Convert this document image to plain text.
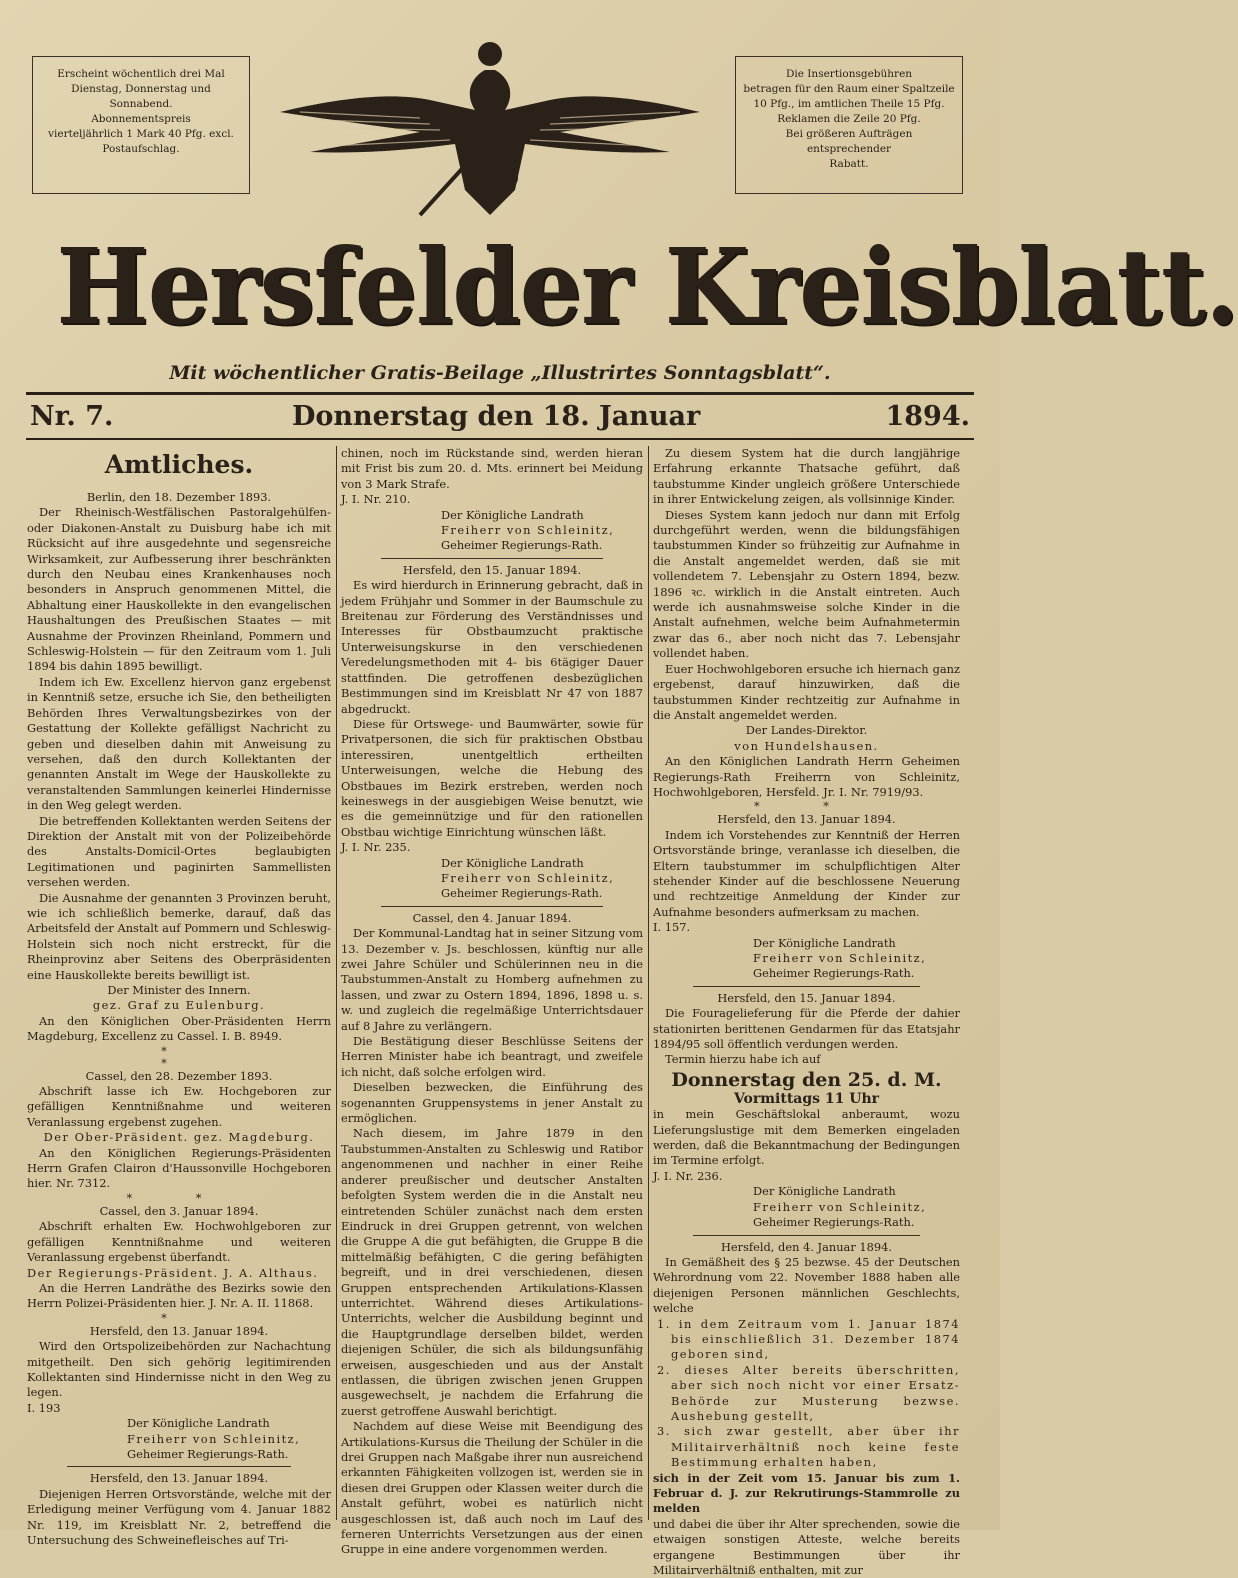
Erscheint wöchentlich drei Mal
Dienstag, Donnerstag und Sonnabend.
Abonnementspreis
vierteljährlich 1 Mark 40 Pfg. excl.
Postaufschlag.
Die Insertionsgebühren
betragen für den Raum einer Spaltzeile
10 Pfg., im amtlichen Theile 15 Pfg.
Reklamen die Zeile 20 Pfg.
Bei größeren Aufträgen entsprechender
Rabatt.
Hersfelder Kreisblatt.
Mit wöchentlicher Gratis-Beilage „Illustrirtes Sonntagsblatt“.
Nr. 7.	Donnerstag den 18. Januar	1894.
Amtliches.

Berlin, den 18. Dezember 1893.

Der Rheinisch-Westfälischen Pastoralgehülfen- oder Diakonen-Anstalt zu Duisburg habe ich mit Rücksicht auf ihre ausgedehnte und segensreiche Wirksamkeit, zur Aufbesserung ihrer beschränkten durch den Neubau eines Krankenhauses noch besonders in Anspruch genommenen Mittel, die Abhaltung einer Hauskollekte in den evangelischen Haushaltungen des Preußischen Staates — mit Ausnahme der Provinzen Rheinland, Pommern und Schleswig-Holstein — für den Zeitraum vom 1. Juli 1894 bis dahin 1895 bewilligt.

Indem ich Ew. Excellenz hiervon ganz ergebenst in Kenntniß setze, ersuche ich Sie, den betheiligten Behörden Ihres Verwaltungsbezirkes von der Gestattung der Kollekte gefälligst Nachricht zu geben und dieselben dahin mit Anweisung zu versehen, daß den durch Kollektanten der genannten Anstalt im Wege der Hauskollekte zu veranstaltenden Sammlungen keinerlei Hindernisse in den Weg gelegt werden.

Die betreffenden Kollektanten werden Seitens der Direktion der Anstalt mit von der Polizeibehörde des Anstalts-Domicil-Ortes beglaubigten Legitimationen und paginirten Sammellisten versehen werden.

Die Ausnahme der genannten 3 Provinzen beruht, wie ich schließlich bemerke, darauf, daß das Arbeitsfeld der Anstalt auf Pommern und Schleswig-Holstein sich noch nicht erstreckt, für die Rheinprovinz aber Seitens des Oberpräsidenten eine Hauskollekte bereits bewilligt ist.

Der Minister des Innern.

gez. Graf zu Eulenburg.

An den Königlichen Ober-Präsidenten Herrn Magdeburg, Excellenz zu Cassel. I. B. 8949.

*
*

Cassel, den 28. Dezember 1893.

Abschrift lasse ich Ew. Hochgeboren zur gefälligen Kenntnißnahme und weiteren Veranlassung ergebenst zugehen.

Der Ober-Präsident. gez. Magdeburg.

An den Königlichen Regierungs-Präsidenten Herrn Grafen Clairon d'Haussonville Hochgeboren hier. Nr. 7312.

* *

Cassel, den 3. Januar 1894.

Abschrift erhalten Ew. Hochwohlgeboren zur gefälligen Kenntnißnahme und weiteren Veranlassung ergebenst überfandt.

Der Regierungs-Präsident. J. A. Althaus.

An die Herren Landräthe des Bezirks sowie den Herrn Polizei-Präsidenten hier. J. Nr. A. II. 11868.

*

Hersfeld, den 13. Januar 1894.

Wird den Ortspolizeibehörden zur Nachachtung mitgetheilt. Den sich gehörig legitimirenden Kollektanten sind Hindernisse nicht in den Weg zu legen.

I. 193

Der Königliche Landrath

Freiherr von Schleinitz,

Geheimer Regierungs-Rath.

Hersfeld, den 13. Januar 1894.

Diejenigen Herren Ortsvorstände, welche mit der Erledigung meiner Verfügung vom 4. Januar 1882 Nr. 119, im Kreisblatt Nr. 2, betreffend die Untersuchung des Schweinefleisches auf Tri-

chinen, noch im Rückstande sind, werden hieran mit Frist bis zum 20. d. Mts. erinnert bei Meidung von 3 Mark Strafe.

J. I. Nr. 210.

Der Königliche Landrath

Freiherr von Schleinitz,

Geheimer Regierungs-Rath.

Hersfeld, den 15. Januar 1894.

Es wird hierdurch in Erinnerung gebracht, daß in jedem Frühjahr und Sommer in der Baumschule zu Breitenau zur Förderung des Verständnisses und Interesses für Obstbaumzucht praktische Unterweisungskurse in den verschiedenen Veredelungsmethoden mit 4- bis 6tägiger Dauer stattfinden. Die getroffenen desbezüglichen Bestimmungen sind im Kreisblatt Nr 47 von 1887 abgedruckt.

Diese für Ortswege- und Baumwärter, sowie für Privatpersonen, die sich für praktischen Obstbau interessiren, unentgeltlich ertheilten Unterweisungen, welche die Hebung des Obstbaues im Bezirk erstreben, werden noch keineswegs in der ausgiebigen Weise benutzt, wie es die gemeinnützige und für den rationellen Obstbau wichtige Einrichtung wünschen läßt.

J. I. Nr. 235.

Der Königliche Landrath

Freiherr von Schleinitz,

Geheimer Regierungs-Rath.

Cassel, den 4. Januar 1894.

Der Kommunal-Landtag hat in seiner Sitzung vom 13. Dezember v. Js. beschlossen, künftig nur alle zwei Jahre Schüler und Schülerinnen neu in die Taubstummen-Anstalt zu Homberg aufnehmen zu lassen, und zwar zu Ostern 1894, 1896, 1898 u. s. w. und zugleich die regelmäßige Unterrichtsdauer auf 8 Jahre zu verlängern.

Die Bestätigung dieser Beschlüsse Seitens der Herren Minister habe ich beantragt, und zweifele ich nicht, daß solche erfolgen wird.

Dieselben bezwecken, die Einführung des sogenannten Gruppensystems in jener Anstalt zu ermöglichen.

Nach diesem, im Jahre 1879 in den Taubstummen-Anstalten zu Schleswig und Ratibor angenommenen und nachher in einer Reihe anderer preußischer und deutscher Anstalten befolgten System werden die in die Anstalt neu eintretenden Schüler zunächst nach dem ersten Eindruck in drei Gruppen getrennt, von welchen die Gruppe A die gut befähigten, die Gruppe B die mittelmäßig befähigten, C die gering befähigten begreift, und in drei verschiedenen, diesen Gruppen entsprechenden Artikulations-Klassen unterrichtet. Während dieses Artikulations-Unterrichts, welcher die Ausbildung beginnt und die Hauptgrundlage derselben bildet, werden diejenigen Schüler, die sich als bildungsunfähig erweisen, ausgeschieden und aus der Anstalt entlassen, die übrigen zwischen jenen Gruppen ausgewechselt, je nachdem die Erfahrung die zuerst getroffene Auswahl berichtigt.

Nachdem auf diese Weise mit Beendigung des Artikulations-Kursus die Theilung der Schüler in die drei Gruppen nach Maßgabe ihrer nun ausreichend erkannten Fähigkeiten vollzogen ist, werden sie in diesen drei Gruppen oder Klassen weiter durch die Anstalt geführt, wobei es natürlich nicht ausgeschlossen ist, daß auch noch im Lauf des ferneren Unterrichts Versetzungen aus der einen Gruppe in eine andere vorgenommen werden.

Zu diesem System hat die durch langjährige Erfahrung erkannte Thatsache geführt, daß taubstumme Kinder ungleich größere Unterschiede in ihrer Entwickelung zeigen, als vollsinnige Kinder.

Dieses System kann jedoch nur dann mit Erfolg durchgeführt werden, wenn die bildungsfähigen taubstummen Kinder so frühzeitig zur Aufnahme in die Anstalt angemeldet werden, daß sie mit vollendetem 7. Lebensjahr zu Ostern 1894, bezw. 1896 ꝛc. wirklich in die Anstalt eintreten. Auch werde ich ausnahmsweise solche Kinder in die Anstalt aufnehmen, welche beim Aufnahmetermin zwar das 6., aber noch nicht das 7. Lebensjahr vollendet haben.

Euer Hochwohlgeboren ersuche ich hiernach ganz ergebenst, darauf hinzuwirken, daß die taubstummen Kinder rechtzeitig zur Aufnahme in die Anstalt angemeldet werden.

Der Landes-Direktor.

von Hundelshausen.

An den Königlichen Landrath Herrn Geheimen Regierungs-Rath Freiherrn von Schleinitz, Hochwohlgeboren, Hersfeld. Jr. I. Nr. 7919/93.

* *

Hersfeld, den 13. Januar 1894.

Indem ich Vorstehendes zur Kenntniß der Herren Ortsvorstände bringe, veranlasse ich dieselben, die Eltern taubstummer im schulpflichtigen Alter stehender Kinder auf die beschlossene Neuerung und rechtzeitige Anmeldung der Kinder zur Aufnahme besonders aufmerksam zu machen.

I. 157.

Der Königliche Landrath

Freiherr von Schleinitz,

Geheimer Regierungs-Rath.

Hersfeld, den 15. Januar 1894.

Die Fouragelieferung für die Pferde der dahier stationirten berittenen Gendarmen für das Etatsjahr 1894/95 soll öffentlich verdungen werden.

Termin hierzu habe ich auf

Donnerstag den 25. d. M.

Vormittags 11 Uhr

in mein Geschäftslokal anberaumt, wozu Lieferungslustige mit dem Bemerken eingeladen werden, daß die Bekanntmachung der Bedingungen im Termine erfolgt.

J. I. Nr. 236.

Der Königliche Landrath

Freiherr von Schleinitz,

Geheimer Regierungs-Rath.

Hersfeld, den 4. Januar 1894.

In Gemäßheit des § 25 bezwse. 45 der Deutschen Wehrordnung vom 22. November 1888 haben alle diejenigen Personen männlichen Geschlechts, welche

1. in dem Zeitraum vom 1. Januar 1874 bis einschließlich 31. Dezember 1874 geboren sind,

2. dieses Alter bereits überschritten, aber sich noch nicht vor einer Ersatz-Behörde zur Musterung bezwse. Aushebung gestellt,

3. sich zwar gestellt, aber über ihr Militairverhältniß noch keine feste Bestimmung erhalten haben,

sich in der Zeit vom 15. Januar bis zum 1. Februar d. J. zur Rekrutirungs-Stammrolle zu melden

und dabei die über ihr Alter sprechenden, sowie die etwaigen sonstigen Atteste, welche bereits ergangene Bestimmungen über ihr Militairverhältniß enthalten, mit zur
